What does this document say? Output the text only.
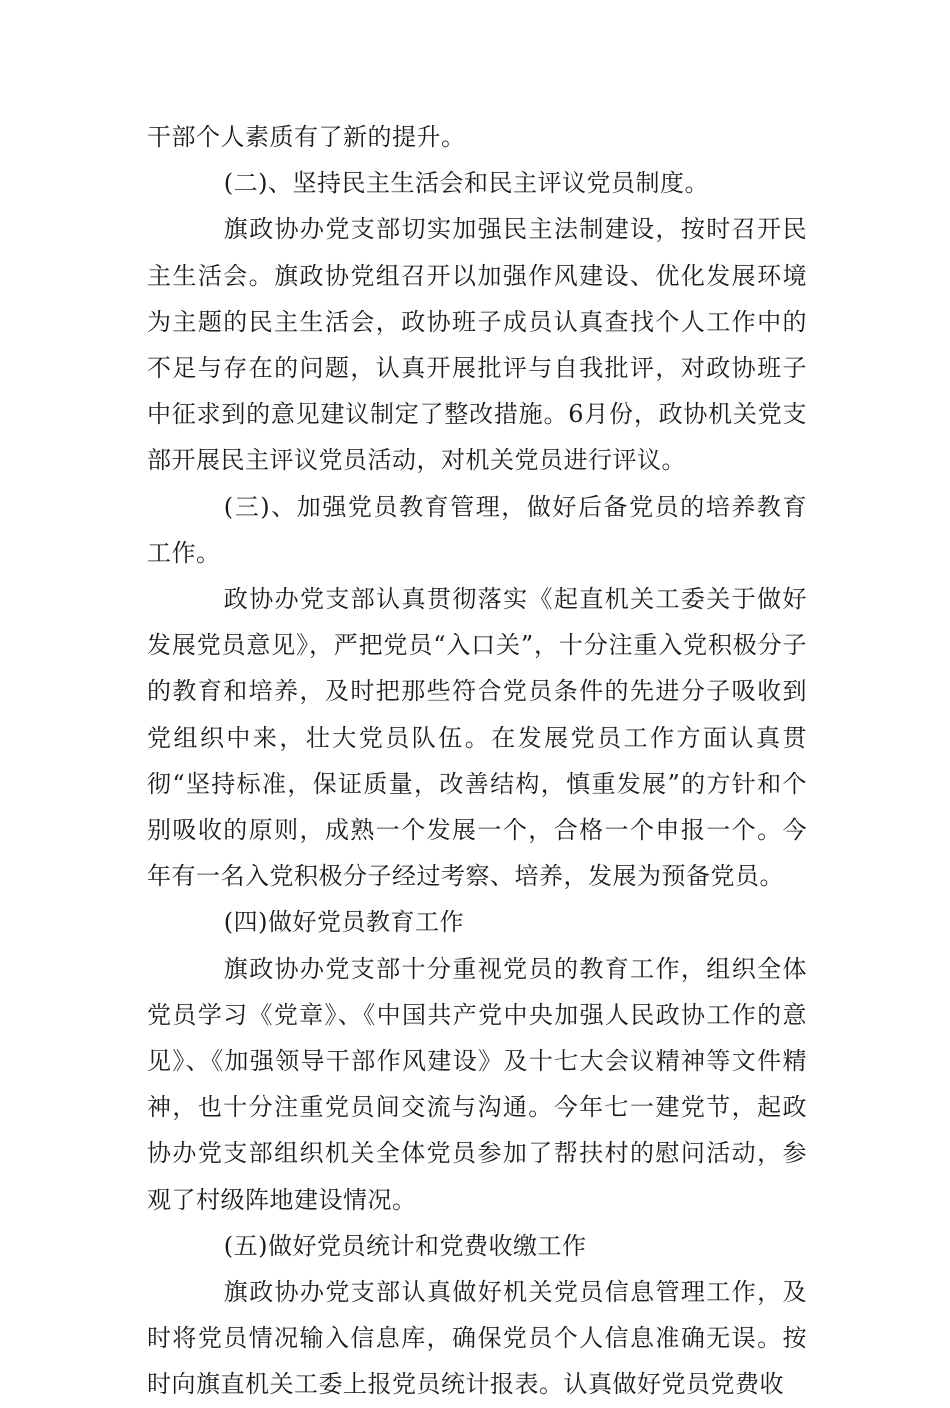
干部个人素质有了新的提升。

(二)、坚持民主生活会和民主评议党员制度。

旗政协办党支部切实加强民主法制建设，按时召开民主生活会。旗政协党组召开以加强作风建设、优化发展环境为主题的民主生活会，政协班子成员认真查找个人工作中的不足与存在的问题，认真开展批评与自我批评，对政协班子中征求到的意见建议制定了整改措施。6月份，政协机关党支部开展民主评议党员活动，对机关党员进行评议。

(三)、加强党员教育管理，做好后备党员的培养教育工作。

政协办党支部认真贯彻落实《起直机关工委关于做好发展党员意见》，严把党员“入口关”，十分注重入党积极分子的教育和培养，及时把那些符合党员条件的先进分子吸收到党组织中来，壮大党员队伍。在发展党员工作方面认真贯彻“坚持标准，保证质量，改善结构，慎重发展”的方针和个别吸收的原则，成熟一个发展一个，合格一个申报一个。今年有一名入党积极分子经过考察、培养，发展为预备党员。

(四)做好党员教育工作

旗政协办党支部十分重视党员的教育工作，组织全体党员学习《党章》、《中国共产党中央加强人民政协工作的意见》、《加强领导干部作风建设》及十七大会议精神等文件精神，也十分注重党员间交流与沟通。今年七一建党节，起政协办党支部组织机关全体党员参加了帮扶村的慰问活动，参观了村级阵地建设情况。

(五)做好党员统计和党费收缴工作

旗政协办党支部认真做好机关党员信息管理工作，及时将党员情况输入信息库，确保党员个人信息准确无误。按时向旗直机关工委上报党员统计报表。认真做好党员党费收
